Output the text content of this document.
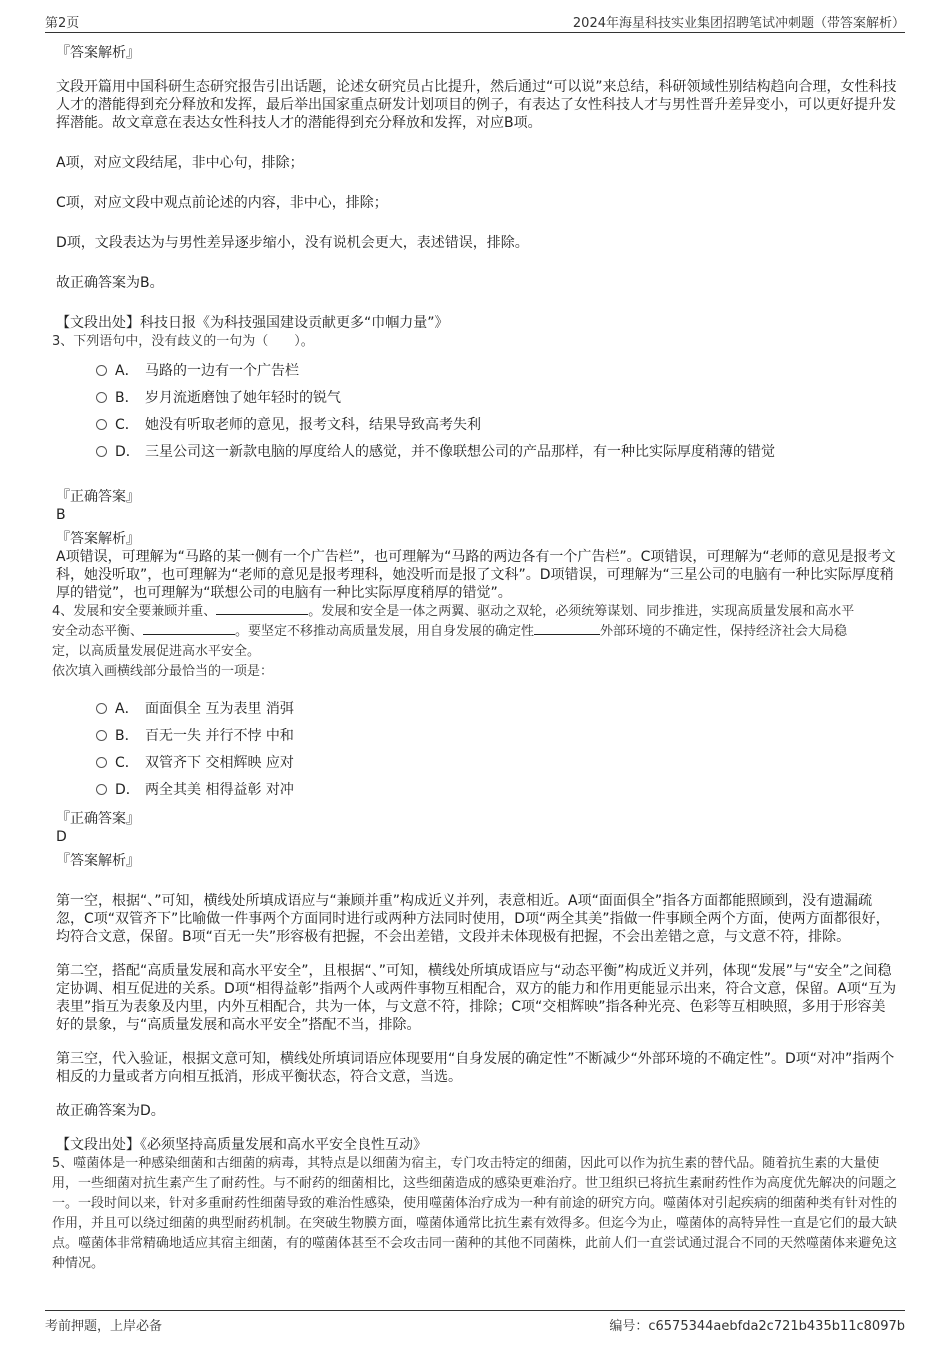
第2页	2024年海星科技实业集团招聘笔试冲刺题（带答案解析）

『答案解析』

文段开篇用中国科研生态研究报告引出话题，论述女研究员占比提升，然后通过“可以说”来总结，科研领域性别结构趋向合理，女性科技人才的潜能得到充分释放和发挥，最后举出国家重点研发计划项目的例子，有表达了女性科技人才与男性晋升差异变小，可以更好提升发挥潜能。故文章意在表达女性科技人才的潜能得到充分释放和发挥，对应B项。

A项，对应文段结尾，非中心句，排除；

C项，对应文段中观点前论述的内容，非中心，排除；

D项，文段表达为与男性差异逐步缩小，没有说机会更大，表述错误，排除。

故正确答案为B。

【文段出处】科技日报《为科技强国建设贡献更多“巾帼力量”》

3、下列语句中，没有歧义的一句为（　　）。

A． 马路的一边有一个广告栏
B． 岁月流逝磨蚀了她年轻时的锐气
C． 她没有听取老师的意见，报考文科，结果导致高考失利
D． 三星公司这一新款电脑的厚度给人的感觉，并不像联想公司的产品那样，有一种比实际厚度稍薄的错觉

『正确答案』

B

『答案解析』

A项错误，可理解为“马路的某一侧有一个广告栏”，也可理解为“马路的两边各有一个广告栏”。C项错误，可理解为“老师的意见是报考文科，她没听取”，也可理解为“老师的意见是报考理科，她没听而是报了文科”。D项错误，可理解为“三星公司的电脑有一种比实际厚度稍厚的错觉”，也可理解为“联想公司的电脑有一种比实际厚度稍厚的错觉”。

4、发展和安全要兼顾并重、	。发展和安全是一体之两翼、驱动之双轮，必须统筹谋划、同步推进，实现高质量发展和高水平
安全动态平衡、	。要坚定不移推动高质量发展，用自身发展的确定性	外部环境的不确定性，保持经济社会大局稳
定，以高质量发展促进高水平安全。

依次填入画横线部分最恰当的一项是：

A． 面面俱全 互为表里 消弭
B． 百无一失 并行不悖 中和
C． 双管齐下 交相辉映 应对
D． 两全其美 相得益彰 对冲

『正确答案』

D

『答案解析』

第一空，根据“、”可知，横线处所填成语应与“兼顾并重”构成近义并列，表意相近。A项“面面俱全”指各方面都能照顾到，没有遗漏疏忽，C项“双管齐下”比喻做一件事两个方面同时进行或两种方法同时使用，D项“两全其美”指做一件事顾全两个方面，使两方面都很好，均符合文意，保留。B项“百无一失”形容极有把握，不会出差错，文段并未体现极有把握，不会出差错之意，与文意不符，排除。

第二空，搭配“高质量发展和高水平安全”，且根据“、”可知，横线处所填成语应与“动态平衡”构成近义并列，体现“发展”与“安全”之间稳定协调、相互促进的关系。D项“相得益彰”指两个人或两件事物互相配合，双方的能力和作用更能显示出来，符合文意，保留。A项“互为表里”指互为表象及内里，内外互相配合，共为一体，与文意不符，排除；C项“交相辉映”指各种光亮、色彩等互相映照，多用于形容美好的景象，与“高质量发展和高水平安全”搭配不当，排除。

第三空，代入验证，根据文意可知，横线处所填词语应体现要用“自身发展的确定性”不断减少“外部环境的不确定性”。D项“对冲”指两个相反的力量或者方向相互抵消，形成平衡状态，符合文意，当选。

故正确答案为D。

【文段出处】《必须坚持高质量发展和高水平安全良性互动》

5、噬菌体是一种感染细菌和古细菌的病毒，其特点是以细菌为宿主，专门攻击特定的细菌，因此可以作为抗生素的替代品。随着抗生素的大量使用，一些细菌对抗生素产生了耐药性。与不耐药的细菌相比，这些细菌造成的感染更难治疗。世卫组织已将抗生素耐药性作为高度优先解决的问题之一。一段时间以来，针对多重耐药性细菌导致的难治性感染，使用噬菌体治疗成为一种有前途的研究方向。噬菌体对引起疾病的细菌种类有针对性的作用，并且可以绕过细菌的典型耐药机制。在突破生物膜方面，噬菌体通常比抗生素有效得多。但迄今为止，噬菌体的高特异性一直是它们的最大缺点。噬菌体非常精确地适应其宿主细菌，有的噬菌体甚至不会攻击同一菌种的其他不同菌株，此前人们一直尝试通过混合不同的天然噬菌体来避免这种情况。

考前押题，上岸必备	编号：c6575344aebfda2c721b435b11c8097b
